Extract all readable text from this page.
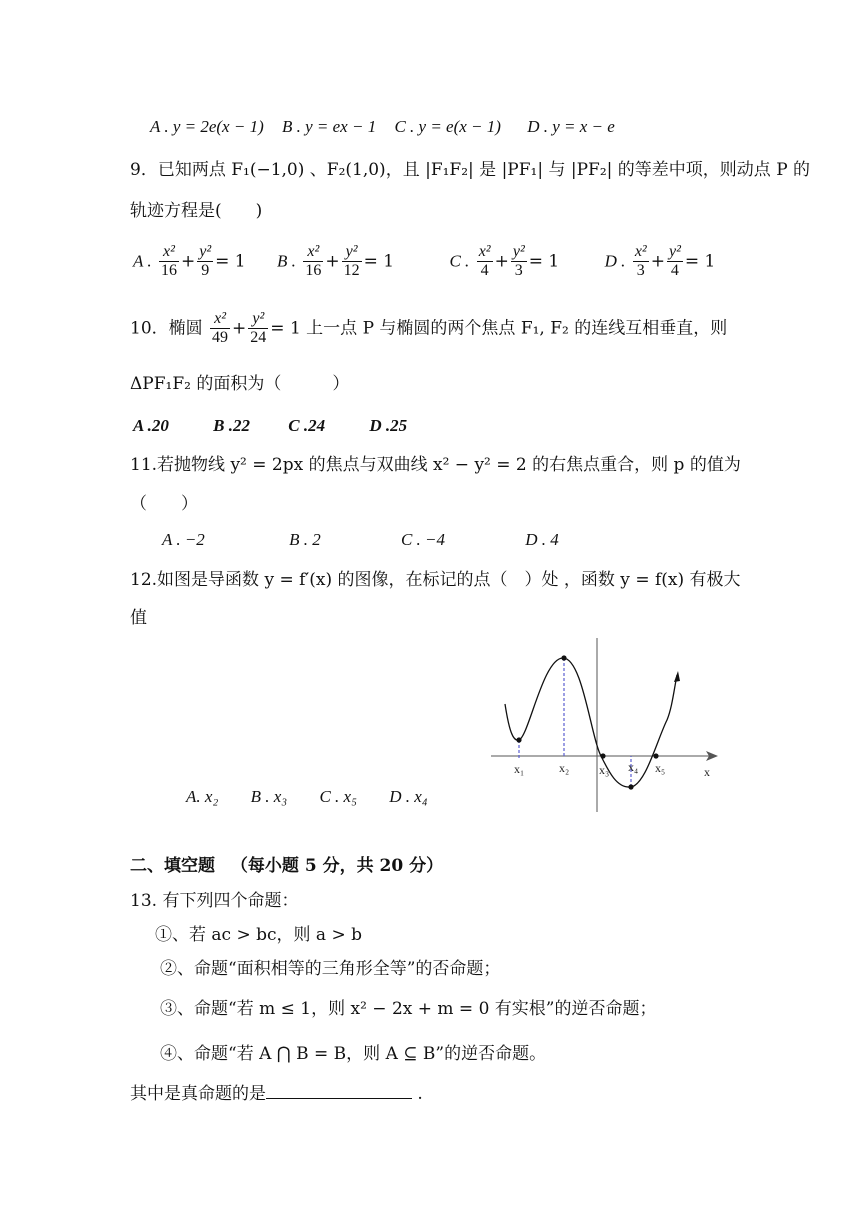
A . y = 2e(x − 1) B . y = ex − 1 C . y = e(x − 1) D . y = x − e
9．已知两点 F₁(−1,0) 、F₂(1,0)，且 |F₁F₂| 是 |PF₁| 与 |PF₂| 的等差中项，则动点 P 的
轨迹方程是(　　)
A . $\frac{\text{x²}}{16} + \frac{\text{y²}}{9} = 1$ B . $\frac{\text{x²}}{16} + \frac{\text{y²}}{12} = 1$	C . $\frac{\text{x²}}{4} + \frac{\text{y²}}{3} = 1$	D . $\frac{\text{x²}}{3} + \frac{\text{y²}}{4} = 1$
10．椭圆 $\frac{\text{x²}}{49} + \frac{\text{y²}}{24} = 1$ 上一点 P 与椭圆的两个焦点 F₁, F₂ 的连线互相垂直，则
ΔPF₁F₂ 的面积为（　　　）
A .20	B .22 C .24	D .25
11.若抛物线 y² = 2px 的焦点与双曲线 x² − y² = 2 的右焦点重合，则 p 的值为
（　　）
A . −2	B . 2	C . −4	D . 4
12.如图是导函数 y = f′(x) 的图像，在标记的点（　）处 ，函数 y = f(x) 有极大
值
A. x₂ B . x₃ C . x₅ D . x₄
x₁	x₂ x₃ x₄ x₅	x
二、填空题 （每小题 5 分，共 20 分）
13. 有下列四个命题：
①、若 ac > bc，则 a > b
②、命题“面积相等的三角形全等”的否命题；
③、命题“若 m ≤ 1，则 x² − 2x + m = 0 有实根”的逆否命题；
④、命题“若 A ⋂ B = B，则 A ⊆ B”的逆否命题。
其中是真命题的是	.
